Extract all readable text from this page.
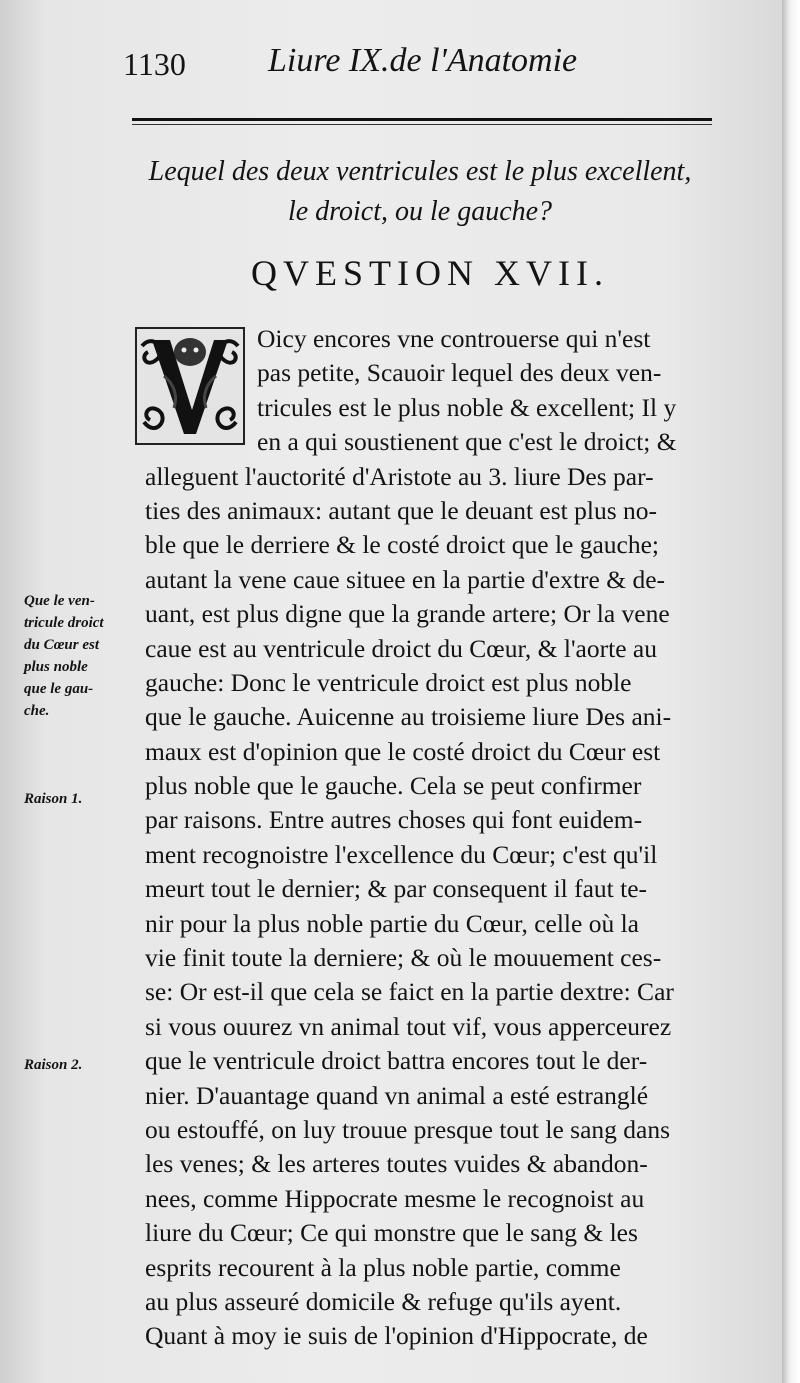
1130 Liure IX.de l'Anatomie
Lequel des deux ventricules est le plus excellent,
le droict, ou le gauche?
QVESTION XVII.
Oicy encores vne controuerse qui n'est
pas petite, Scauoir lequel des deux ven-
tricules est le plus noble & excellent; Il y
en a qui soustienent que c'est le droict; &
alleguent l'auctorité d'Aristote au 3. liure Des par-
ties des animaux: autant que le deuant est plus no-
ble que le derriere & le costé droict que le gauche;
autant la vene caue situee en la partie d'extre & de-
uant, est plus digne que la grande artere; Or la vene
caue est au ventricule droict du Cœur, & l'aorte au
gauche: Donc le ventricule droict est plus noble
que le gauche. Auicenne au troisieme liure Des ani-
maux est d'opinion que le costé droict du Cœur est
plus noble que le gauche. Cela se peut confirmer
par raisons. Entre autres choses qui font euidem-
ment recognoistre l'excellence du Cœur; c'est qu'il
meurt tout le dernier; & par consequent il faut te-
nir pour la plus noble partie du Cœur, celle où la
vie finit toute la derniere; & où le mouuement ces-
se: Or est-il que cela se faict en la partie dextre: Car
si vous ouurez vn animal tout vif, vous apperceurez
que le ventricule droict battra encores tout le der-
nier. D'auantage quand vn animal a esté estranglé
ou estouffé, on luy trouue presque tout le sang dans
les venes; & les arteres toutes vuides & abandon-
nees, comme Hippocrate mesme le recognoist au
liure du Cœur; Ce qui monstre que le sang & les
esprits recourent à la plus noble partie, comme
au plus asseuré domicile & refuge qu'ils ayent.
Quant à moy ie suis de l'opinion d'Hippocrate, de
Que le ven-
tricule droict
du Cœur est
plus noble
que le gau-
che.
Raison 1.
Raison 2.
